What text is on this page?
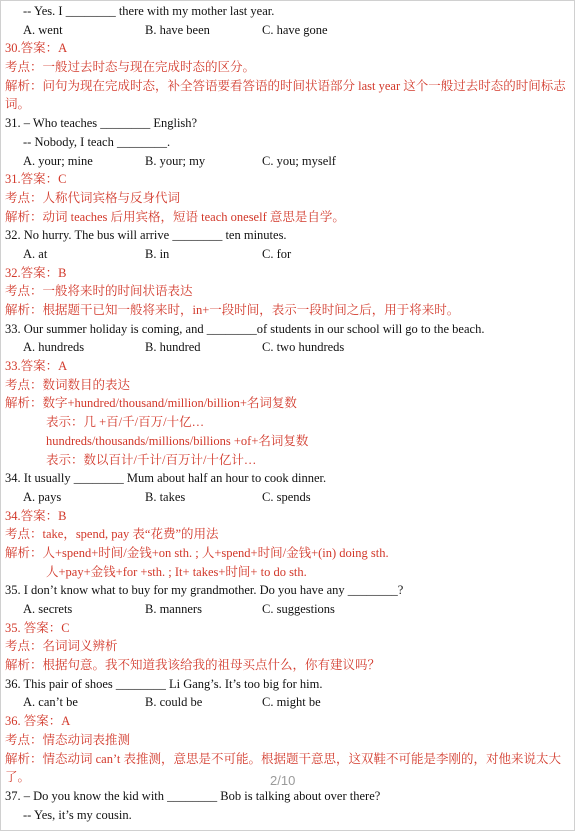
-- Yes. I ________ there with my mother last year.
A. went	B. have been	C. have gone
30.答案：A
考点：一般过去时态与现在完成时态的区分。
解析：问句为现在完成时态，补全答语要看答语的时间状语部分 last year 这个一般过去时态的时间标志词。
31. – Who teaches ________ English?
-- Nobody, I teach ________.
A. your; mine	B. your; my	C. you; myself
31.答案：C
考点：人称代词宾格与反身代词
解析：动词 teaches 后用宾格，短语 teach oneself 意思是自学。
32. No hurry. The bus will arrive ________ ten minutes.
A. at	B. in	C. for
32.答案：B
考点：一般将来时的时间状语表达
解析：根据题干已知一般将来时，in+一段时间，表示一段时间之后，用于将来时。
33. Our summer holiday is coming, and ________of students in our school will go to the beach.
A. hundreds	B. hundred	C. two hundreds
33.答案：A
考点：数词数目的表达
解析：数字+hundred/thousand/million/billion+名词复数
表示：几 +百/千/百万/十亿…
hundreds/thousands/millions/billions +of+名词复数
表示：数以百计/千计/百万计/十亿计…
34. It usually ________ Mum about half an hour to cook dinner.
A. pays	B. takes	C. spends
34.答案：B
考点：take，spend, pay 表“花费”的用法
解析：人+spend+时间/金钱+on sth. ; 人+spend+时间/金钱+(in) doing sth.
人+pay+金钱+for +sth. ; It+ takes+时间+ to do sth.
35. I don’t know what to buy for my grandmother. Do you have any ________?
A. secrets	B. manners	C. suggestions
35. 答案：C
考点：名词词义辨析
解析：根据句意。我不知道我该给我的祖母买点什么，你有建议吗？
36. This pair of shoes ________ Li Gang’s. It’s too big for him.
A. can’t be	B. could be	C. might be
36. 答案：A
考点：情态动词表推测
解析：情态动词 can’t 表推测，意思是不可能。根据题干意思，这双鞋不可能是李刚的，对他来说太大了。
37. – Do you know the kid with ________ Bob is talking about over there?
-- Yes, it’s my cousin.
2/10
